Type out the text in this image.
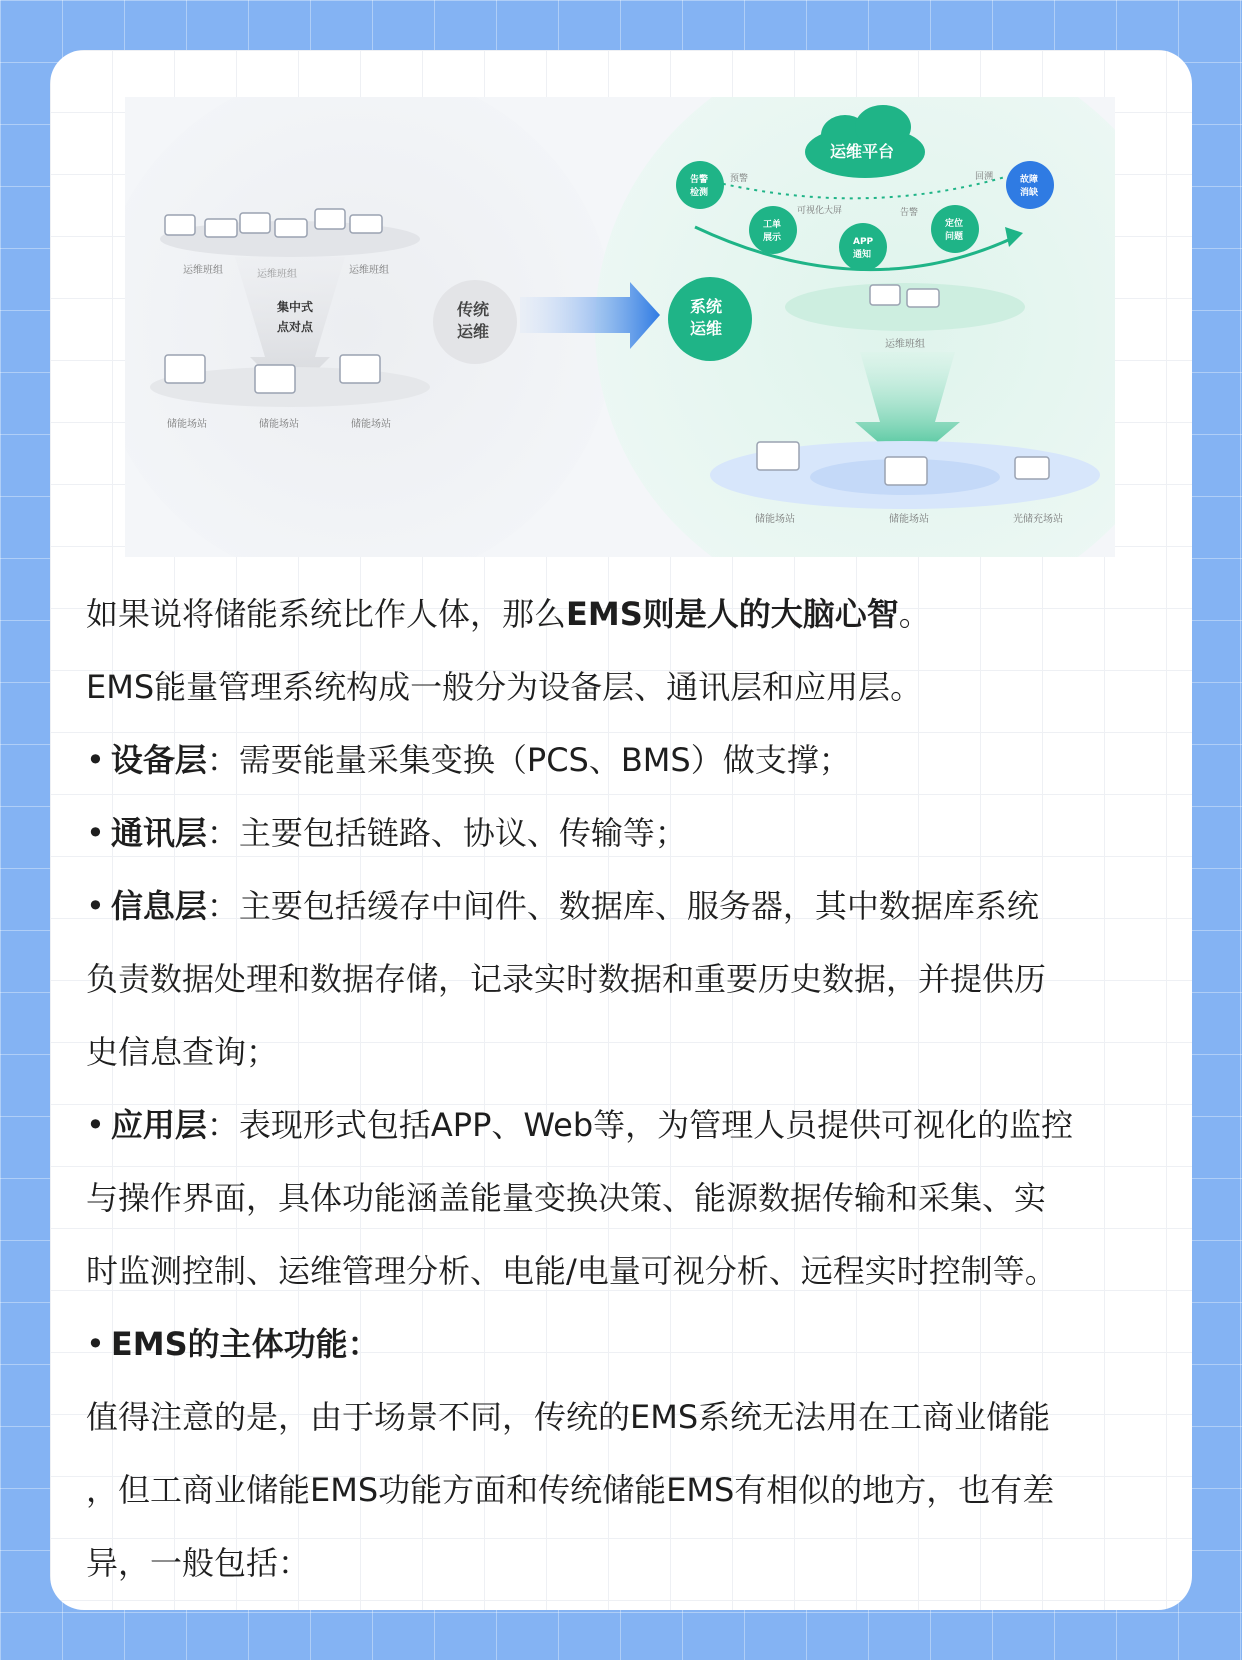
运维班组	运维班组
集中式
点对点
储能场站	储能场站	储能场站
传统
运维
系统
运维
运维平台
告警
检测
工单
展示	APP
通知
定位
问题
故障
消缺
预警
可视化大屏	告警
回溯
运维班组
储能场站	储能场站	光储充场站

如果说将储能系统比作人体，那么EMS则是人的大脑心智。

EMS能量管理系统构成一般分为设备层、通讯层和应用层。

• 设备层：需要能量采集变换（PCS、BMS）做支撑；

• 通讯层：主要包括链路、协议、传输等；

• 信息层：主要包括缓存中间件、数据库、服务器，其中数据库系统

负责数据处理和数据存储，记录实时数据和重要历史数据，并提供历

史信息查询；

• 应用层：表现形式包括APP、Web等，为管理人员提供可视化的监控

与操作界面，具体功能涵盖能量变换决策、能源数据传输和采集、实

时监测控制、运维管理分析、电能/电量可视分析、远程实时控制等。

• EMS的主体功能：

值得注意的是，由于场景不同，传统的EMS系统无法用在工商业储能

，但工商业储能EMS功能方面和传统储能EMS有相似的地方，也有差

异，一般包括：
